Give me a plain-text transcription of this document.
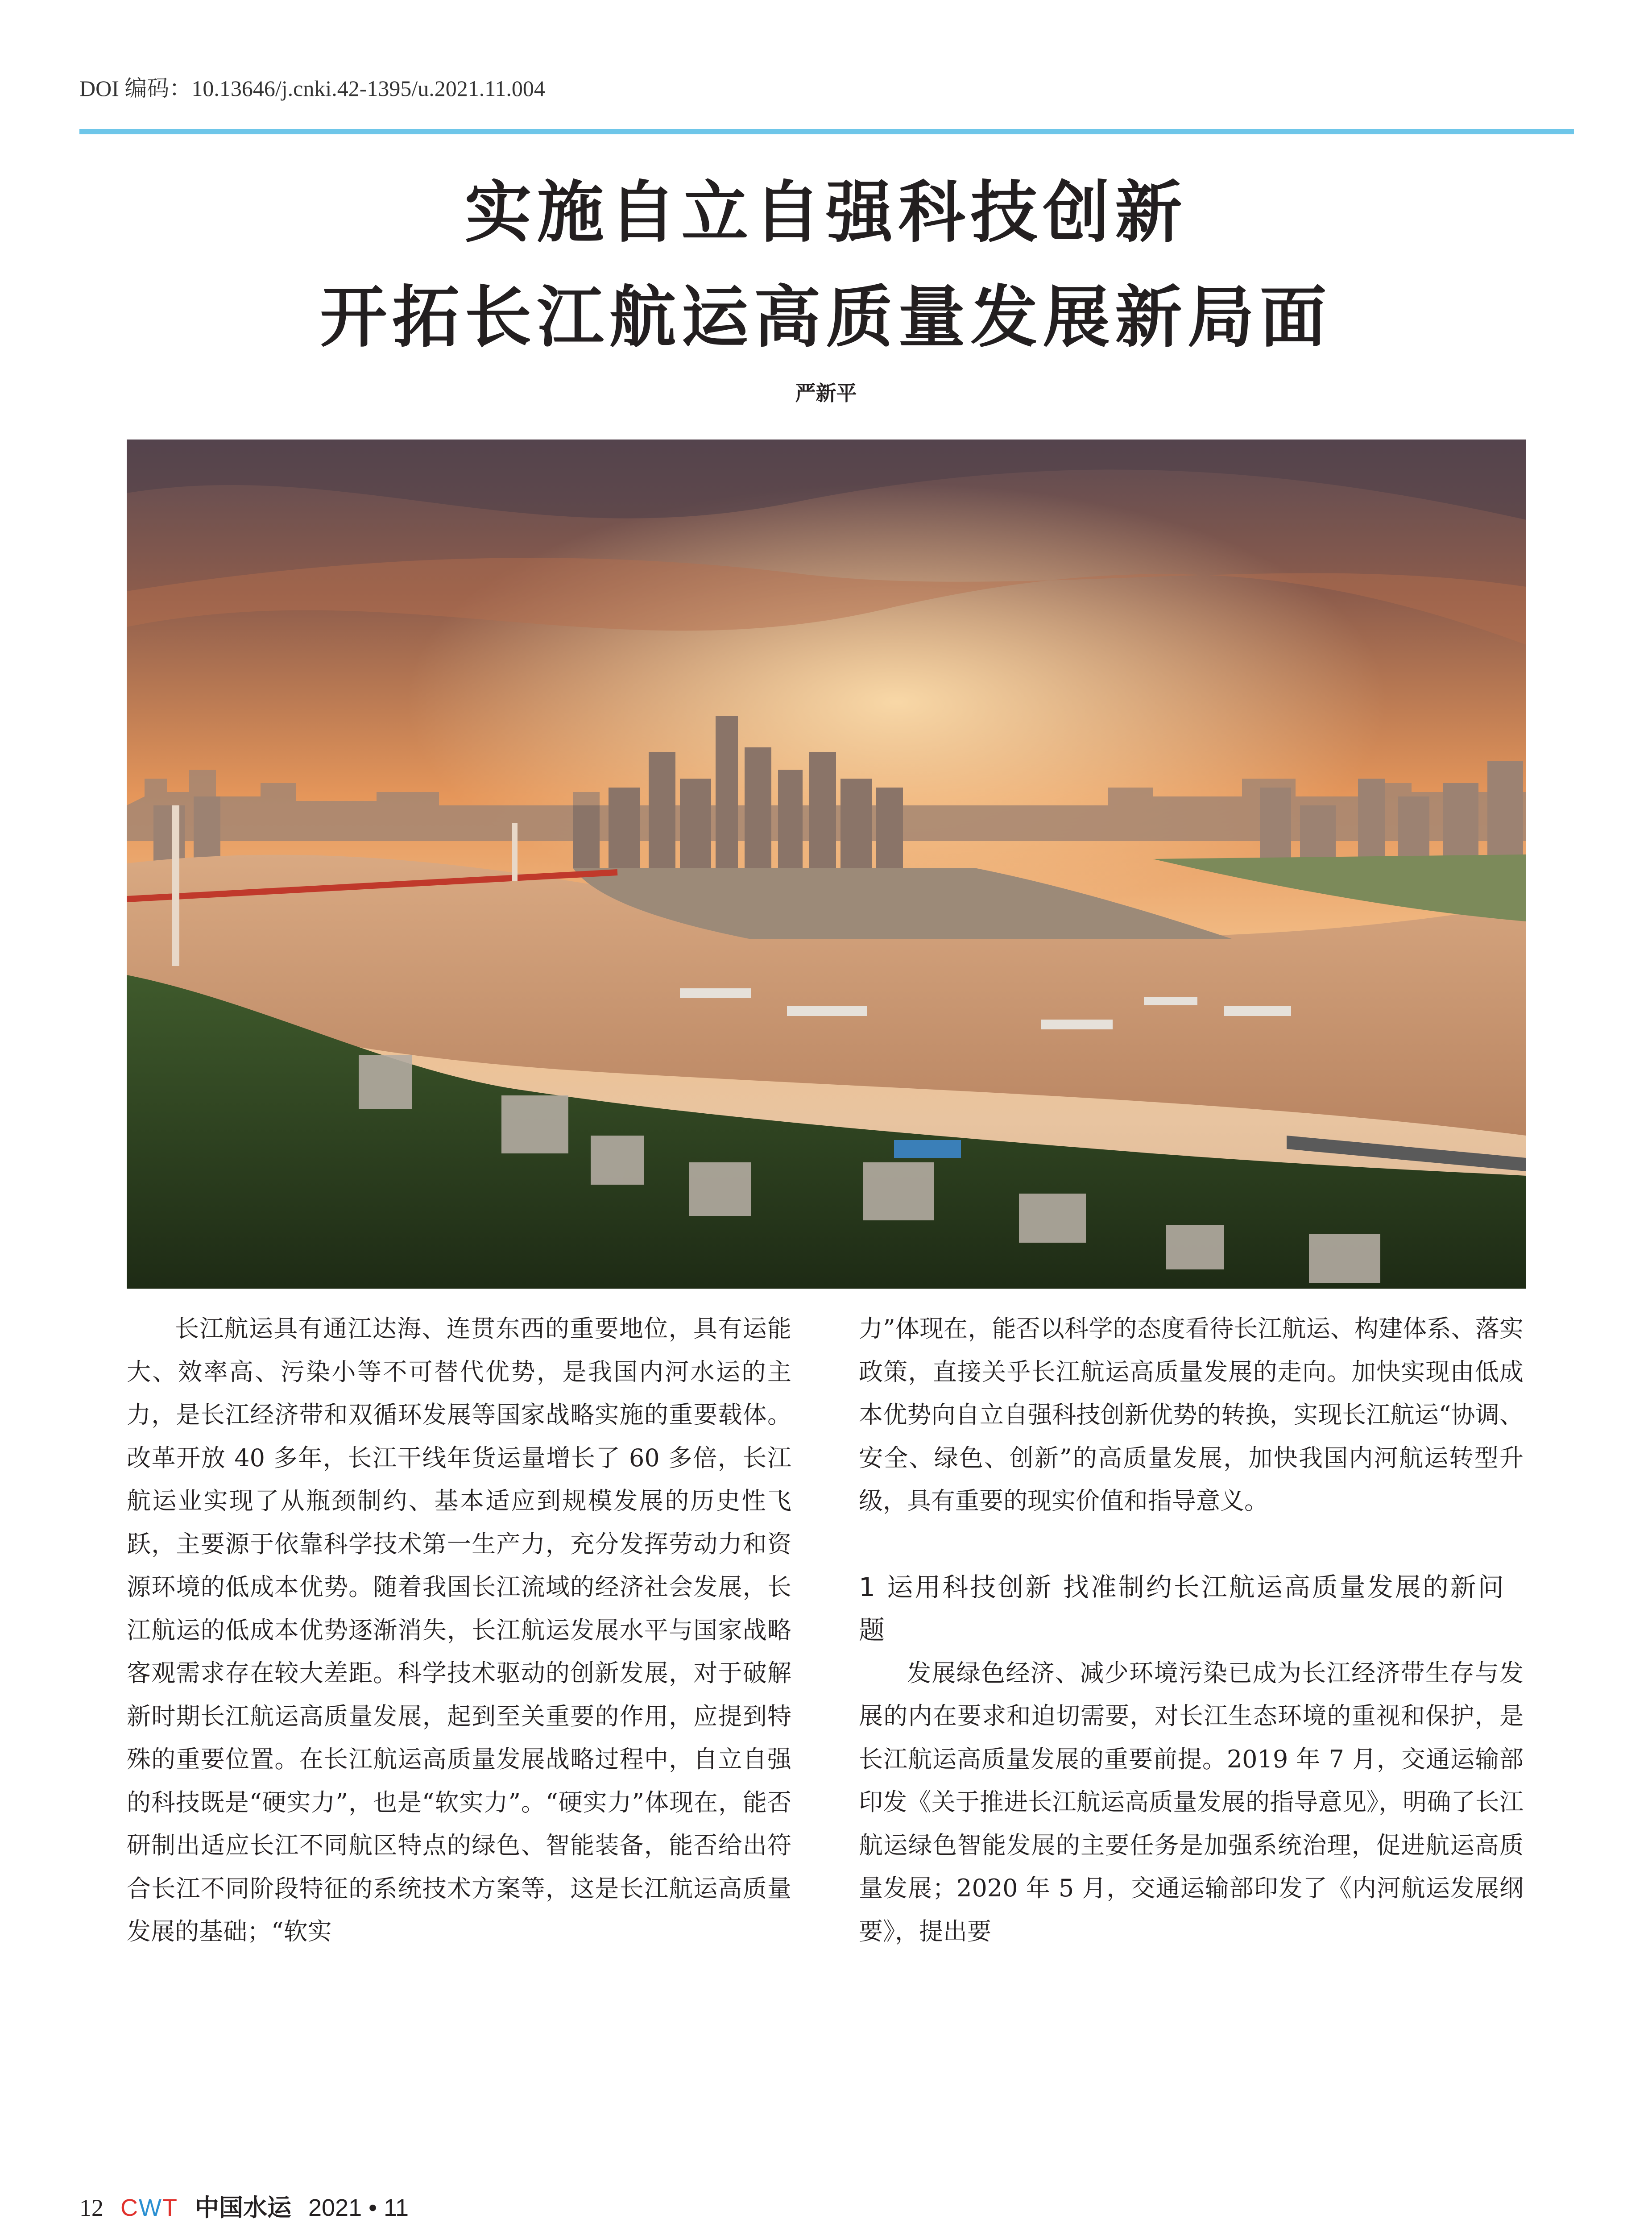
DOI 编码：10.13646/j.cnki.42-1395/u.2021.11.004
实施自立自强科技创新
开拓长江航运高质量发展新局面
严新平

长江航运具有通江达海、连贯东西的重要地位，具有运能大、效率高、污染小等不可替代优势，是我国内河水运的主力，是长江经济带和双循环发展等国家战略实施的重要载体。改革开放 40 多年，长江干线年货运量增长了 60 多倍，长江航运业实现了从瓶颈制约、基本适应到规模发展的历史性飞跃，主要源于依靠科学技术第一生产力，充分发挥劳动力和资源环境的低成本优势。随着我国长江流域的经济社会发展，长江航运的低成本优势逐渐消失，长江航运发展水平与国家战略客观需求存在较大差距。科学技术驱动的创新发展，对于破解新时期长江航运高质量发展，起到至关重要的作用，应提到特殊的重要位置。在长江航运高质量发展战略过程中，自立自强的科技既是“硬实力”，也是“软实力”。“硬实力”体现在，能否研制出适应长江不同航区特点的绿色、智能装备，能否给出符合长江不同阶段特征的系统技术方案等，这是长江航运高质量发展的基础；“软实

力”体现在，能否以科学的态度看待长江航运、构建体系、落实政策，直接关乎长江航运高质量发展的走向。加快实现由低成本优势向自立自强科技创新优势的转换，实现长江航运“协调、安全、绿色、创新”的高质量发展，加快我国内河航运转型升级，具有重要的现实价值和指导意义。

1 运用科技创新 找准制约长江航运高质量发展的新问题

发展绿色经济、减少环境污染已成为长江经济带生存与发展的内在要求和迫切需要，对长江生态环境的重视和保护，是长江航运高质量发展的重要前提。2019 年 7 月，交通运输部印发《关于推进长江航运高质量发展的指导意见》，明确了长江航运绿色智能发展的主要任务是加强系统治理，促进航运高质量发展；2020 年 5 月，交通运输部印发了《内河航运发展纲要》，提出要

12 CWT 中国水运 2021 • 11
